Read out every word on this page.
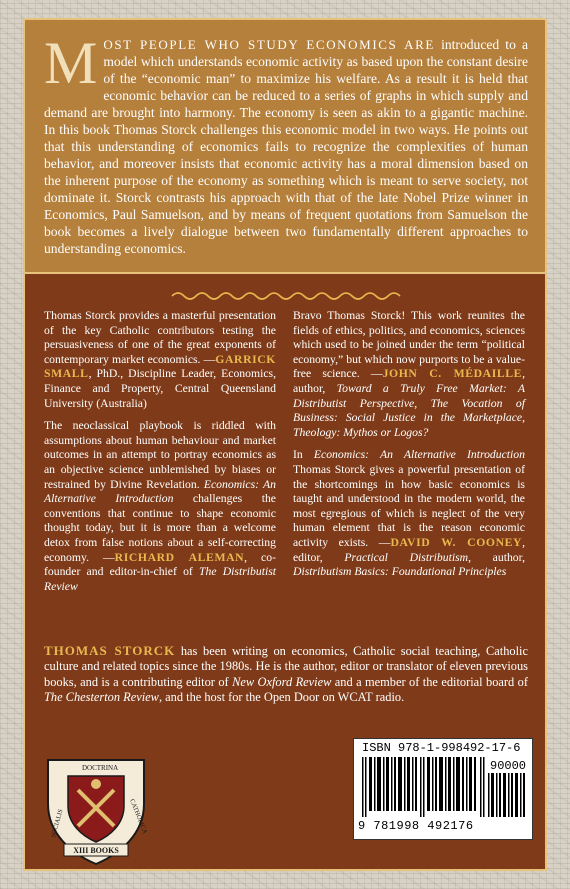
MOST PEOPLE WHO STUDY ECONOMICS ARE introduced to a model which understands economic activity as based upon the constant desire of the “economic man” to maximize his welfare. As a result it is held that economic behavior can be reduced to a series of graphs in which supply and demand are brought into harmony. The economy is seen as akin to a gigantic machine. In this book Thomas Storck challenges this economic model in two ways. He points out that this understanding of economics fails to recognize the complexities of human behavior, and moreover insists that economic activity has a moral dimension based on the inherent purpose of the economy as something which is meant to serve society, not dominate it. Storck contrasts his approach with that of the late Nobel Prize winner in Economics, Paul Samuelson, and by means of frequent quotations from Samuelson the book becomes a lively dialogue between two fundamentally different approaches to understanding economics.

Thomas Storck provides a masterful presentation of the key Catholic contributors testing the persuasiveness of one of the great exponents of contemporary market economics. —GARRICK SMALL, PhD., Discipline Leader, Economics, Finance and Property, Central Queensland University (Australia)

The neoclassical playbook is riddled with assumptions about human behaviour and market outcomes in an attempt to portray economics as an objective science unblemished by biases or restrained by Divine Revelation. Economics: An Alternative Introduction challenges the conventions that continue to shape economic thought today, but it is more than a welcome detox from false notions about a self-correcting economy. —RICHARD ALEMAN, co-founder and editor-in-chief of The Distributist Review

Bravo Thomas Storck! This work reunites the fields of ethics, politics, and economics, sciences which used to be joined under the term “political economy,” but which now purports to be a value-free science. —JOHN C. MÉDAILLE, author, Toward a Truly Free Market: A Distributist Perspective, The Vocation of Business: Social Justice in the Marketplace, Theology: Mythos or Logos?

In Economics: An Alternative Introduction Thomas Storck gives a powerful presentation of the shortcomings in how basic economics is taught and understood in the modern world, the most egregious of which is neglect of the very human element that is the reason economic activity exists. —DAVID W. COONEY, editor, Practical Distributism, author, Distributism Basics: Foundational Principles

THOMAS STORCK has been writing on economics, Catholic social teaching, Catholic culture and related topics since the 1980s. He is the author, editor or translator of eleven previous books, and is a contributing editor of New Oxford Review and a member of the editorial board of The Chesterton Review, and the host for the Open Door on WCAT radio.

DOCTRINA
SOCIALIS	CATHOLICA
XIII BOOKS
ISBN 978-1-998492-17-6
90000
9 781998 492176
